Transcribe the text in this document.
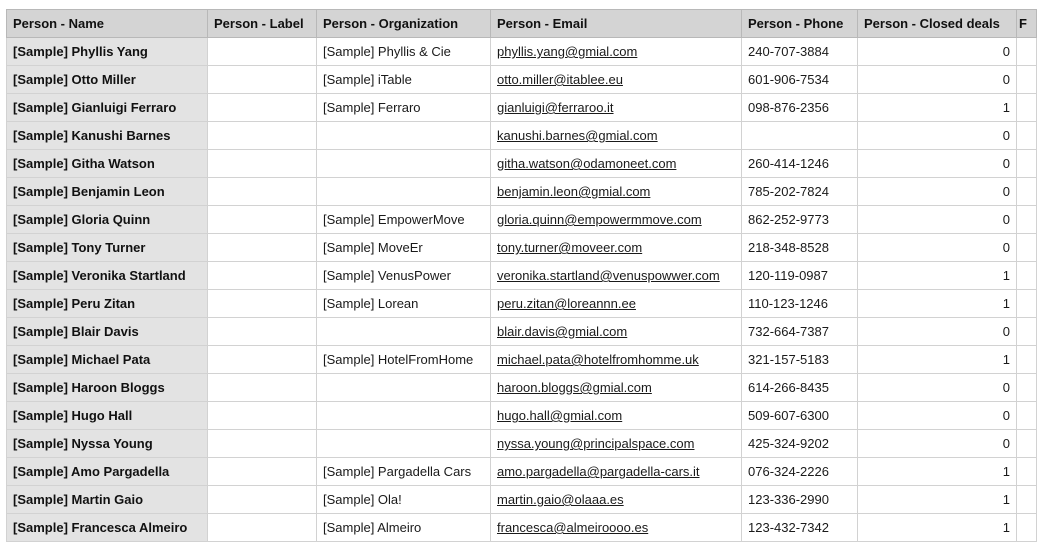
Person - Name	Person - Label	Person - Organization	Person - Email	Person - Phone	Person - Closed deals	F
[Sample] Phyllis Yang		[Sample] Phyllis & Cie	phyllis.yang@gmial.com	240-707-3884	0	
[Sample] Otto Miller		[Sample] iTable	otto.miller@itablee.eu	601-906-7534	0	
[Sample] Gianluigi Ferraro		[Sample] Ferraro	gianluigi@ferraroo.it	098-876-2356	1	
[Sample] Kanushi Barnes			kanushi.barnes@gmial.com		0	
[Sample] Githa Watson			githa.watson@odamoneet.com	260-414-1246	0	
[Sample] Benjamin Leon			benjamin.leon@gmial.com	785-202-7824	0	
[Sample] Gloria Quinn		[Sample] EmpowerMove	gloria.quinn@empowermmove.com	862-252-9773	0	
[Sample] Tony Turner		[Sample] MoveEr	tony.turner@moveer.com	218-348-8528	0	
[Sample] Veronika Startland		[Sample] VenusPower	veronika.startland@venuspowwer.com	120-119-0987	1	
[Sample] Peru Zitan		[Sample] Lorean	peru.zitan@loreannn.ee	110-123-1246	1	
[Sample] Blair Davis			blair.davis@gmial.com	732-664-7387	0	
[Sample] Michael Pata		[Sample] HotelFromHome	michael.pata@hotelfromhomme.uk	321-157-5183	1	
[Sample] Haroon Bloggs			haroon.bloggs@gmial.com	614-266-8435	0	
[Sample] Hugo Hall			hugo.hall@gmial.com	509-607-6300	0	
[Sample] Nyssa Young			nyssa.young@principalspace.com	425-324-9202	0	
[Sample] Amo Pargadella		[Sample] Pargadella Cars	amo.pargadella@pargadella-cars.it	076-324-2226	1	
[Sample] Martin Gaio		[Sample] Ola!	martin.gaio@olaaa.es	123-336-2990	1	
[Sample] Francesca Almeiro		[Sample] Almeiro	francesca@almeiroooo.es	123-432-7342	1	
